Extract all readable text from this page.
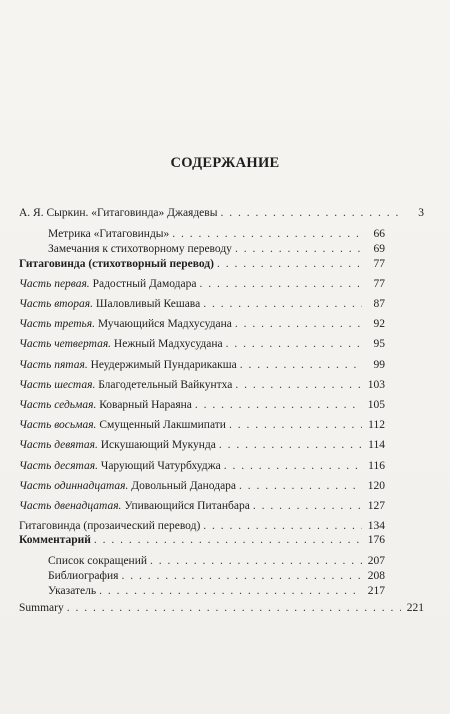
СОДЕРЖАНИЕ
А. Я. Сыркин. «Гитаговинда» Джаядевы . . .	3
Метрика «Гитаговинды» . . .	66
Замечания к стихотворному переводу . . .	69
Гитаговинда (стихотворный перевод) . . .	77
Часть первая. Радостный Дамодара . . .	77
Часть вторая. Шаловливый Кешава . . .	87
Часть третья. Мучающийся Мадхусудана . . .	92
Часть четвертая. Нежный Мадхусудана . . .	95
Часть пятая. Неудержимый Пундарикакша . . .	99
Часть шестая. Благодетельный Вайкунтха . . .	103
Часть седьмая. Коварный Нараяна . . .	105
Часть восьмая. Смущенный Лакшмипати . . .	112
Часть девятая. Искушающий Мукунда . . .	114
Часть десятая. Чарующий Чатурбхуджа . . .	116
Часть одиннадцатая. Довольный Данодара . . .	120
Часть двенадцатая. Упивающийся Питанбара . . .	127
Гитаговинда (прозаический перевод) . . .	134
Комментарий . . .	176
Список сокращений . . .	207
Библиография . . .	208
Указатель . . .	217
Summary . . .	221
